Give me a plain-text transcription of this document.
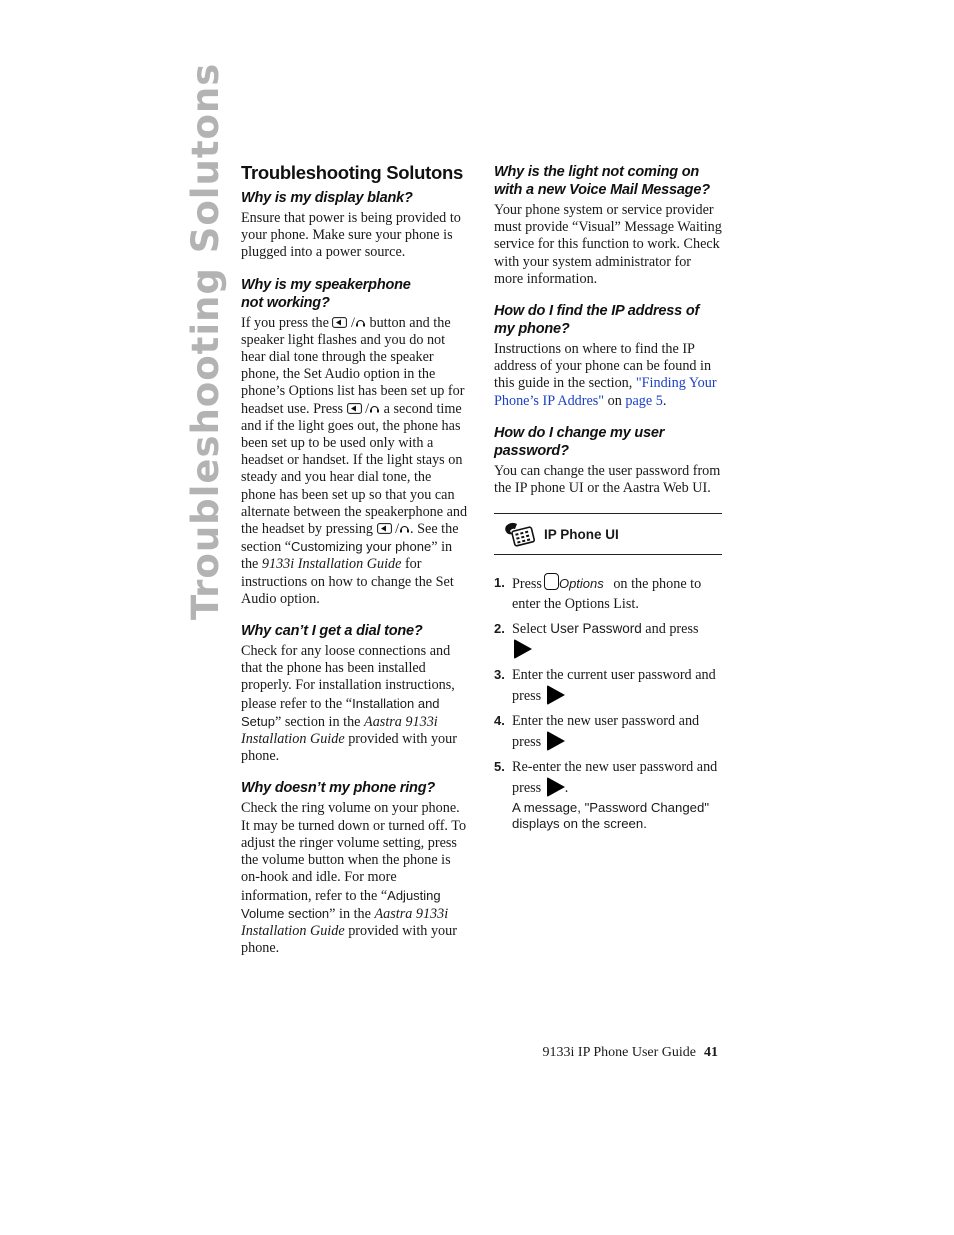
Troubleshooting Solutons Troubleshooting Solutons
Why is my display blank?

Ensure that power is being provided to your phone. Make sure your phone is plugged into a power source.

Why is my speakerphone not working?

If you press the  / button and the speaker light flashes and you do not hear dial tone through the speaker phone, the Set Audio option in the phone’s Options list has been set up for headset use. Press  / a second time and if the light goes out, the phone has been set up to be used only with a headset or handset. If the light stays on steady and you hear dial tone, the phone has been set up so that you can alternate between the speakerphone and the headset by pressing  / . See the section “Customizing your phone” in the 9133i Installation Guide for instructions on how to change the Set Audio option.

Why can’t I get a dial tone?

Check for any loose connections and that the phone has been installed properly. For installation instructions, please refer to the “Installation and Setup” section in the Aastra 9133i Installation Guide provided with your phone.

Why doesn’t my phone ring?

Check the ring volume on your phone. It may be turned down or turned off. To adjust the ringer volume setting, press the volume button when the phone is on-hook and idle. For more information, refer to the “Adjusting Volume section” in the Aastra 9133i Installation Guide provided with your phone.

Why is the light not coming on with a new Voice Mail Message?

Your phone system or service provider must provide “Visual” Message Waiting service for this function to work. Check with your system administrator for more information.

How do I find the IP address of my phone?

Instructions on where to find the IP address of your phone can be found in this guide in the section, "Finding Your Phone’s IP Addres" on page 5.

How do I change my user password?

You can change the user password from the IP phone UI or the Aastra Web UI.

IP Phone UI
1. Press Options on the phone to enter the Options List.
2. Select User Password and press
3. Enter the current user password and press
4. Enter the new user password and press
5. Re-enter the new user password and press .
A message, "Password Changed" displays on the screen.
9133i IP Phone User Guide 41
